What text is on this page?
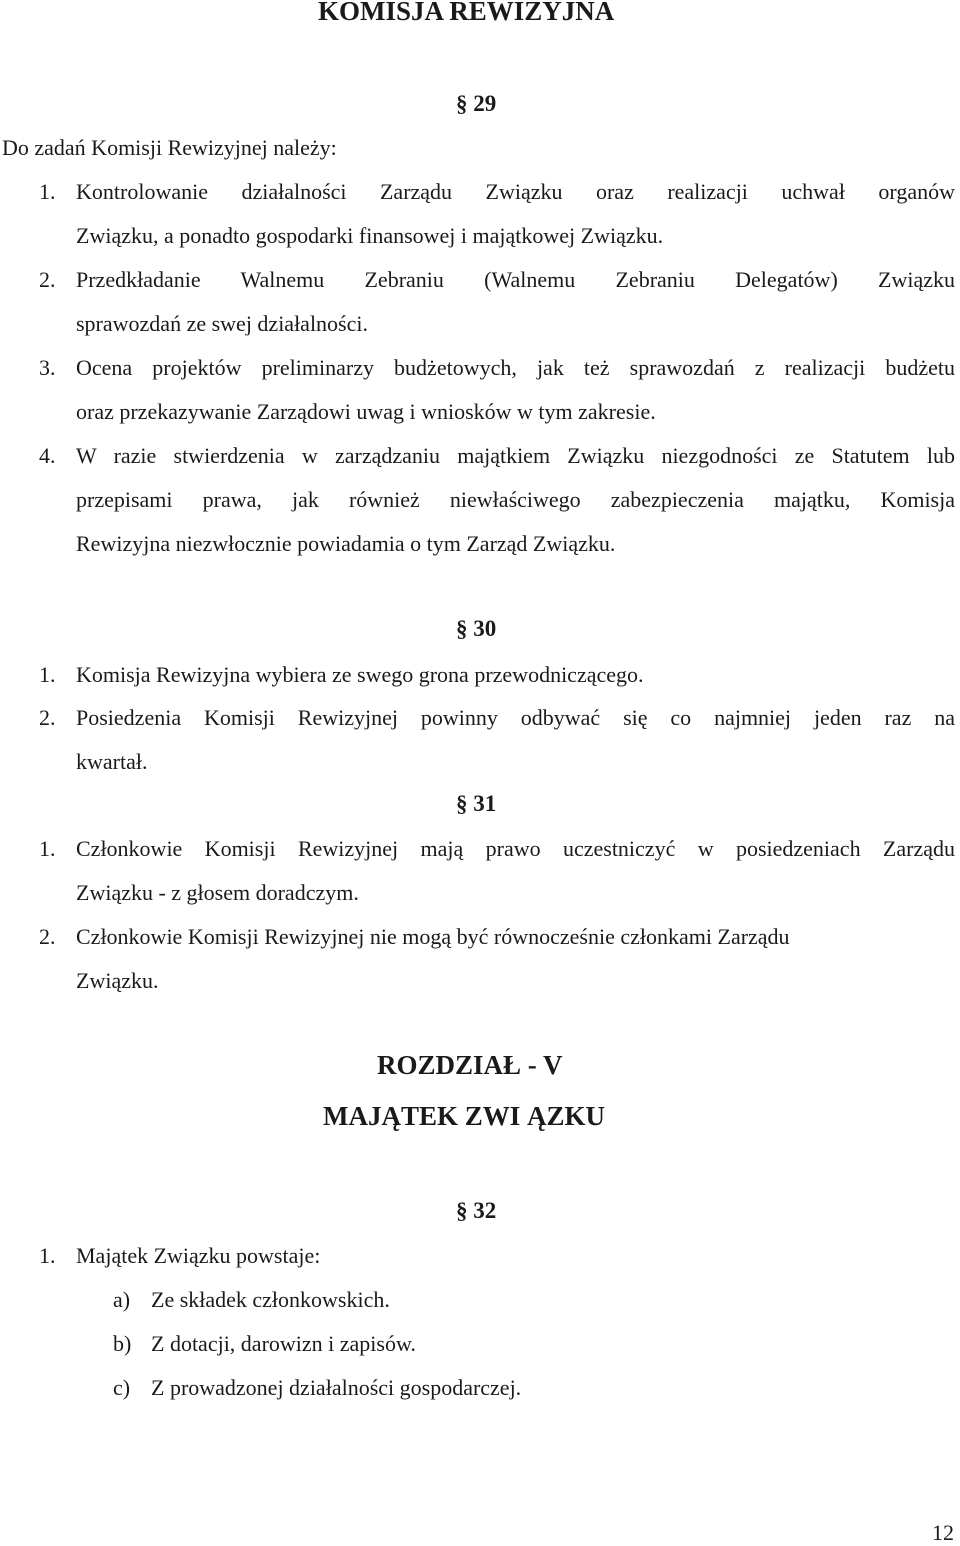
KOMISJA REWIZYJNA
§ 29
Do zadań Komisji Rewizyjnej należy:
1. Kontrolowanie działalności Zarządu Związku oraz realizacji uchwał organów
Związku, a ponadto gospodarki finansowej i majątkowej Związku.
2. Przedkładanie Walnemu Zebraniu (Walnemu Zebraniu Delegatów) Związku
sprawozdań ze swej działalności.
3. Ocena projektów preliminarzy budżetowych, jak też sprawozdań z realizacji budżetu
oraz przekazywanie Zarządowi uwag i wniosków w tym zakresie.
4. W razie stwierdzenia w zarządzaniu majątkiem Związku niezgodności ze Statutem lub
przepisami prawa, jak również niewłaściwego zabezpieczenia majątku, Komisja
Rewizyjna niezwłocznie powiadamia o tym Zarząd Związku.
§ 30
1. Komisja Rewizyjna wybiera ze swego grona przewodniczącego.
2. Posiedzenia Komisji Rewizyjnej powinny odbywać się co najmniej jeden raz na
kwartał.
§ 31
1. Członkowie Komisji Rewizyjnej mają prawo uczestniczyć w posiedzeniach Zarządu
Związku - z głosem doradczym.
2. Członkowie Komisji Rewizyjnej nie mogą być równocześnie członkami Zarządu
Związku.
ROZDZIAŁ - V
MAJĄTEK ZWI ĄZKU
§ 32
1. Majątek Związku powstaje:
a) Ze składek członkowskich.
b) Z dotacji, darowizn i zapisów.
c) Z prowadzonej działalności gospodarczej.
12
